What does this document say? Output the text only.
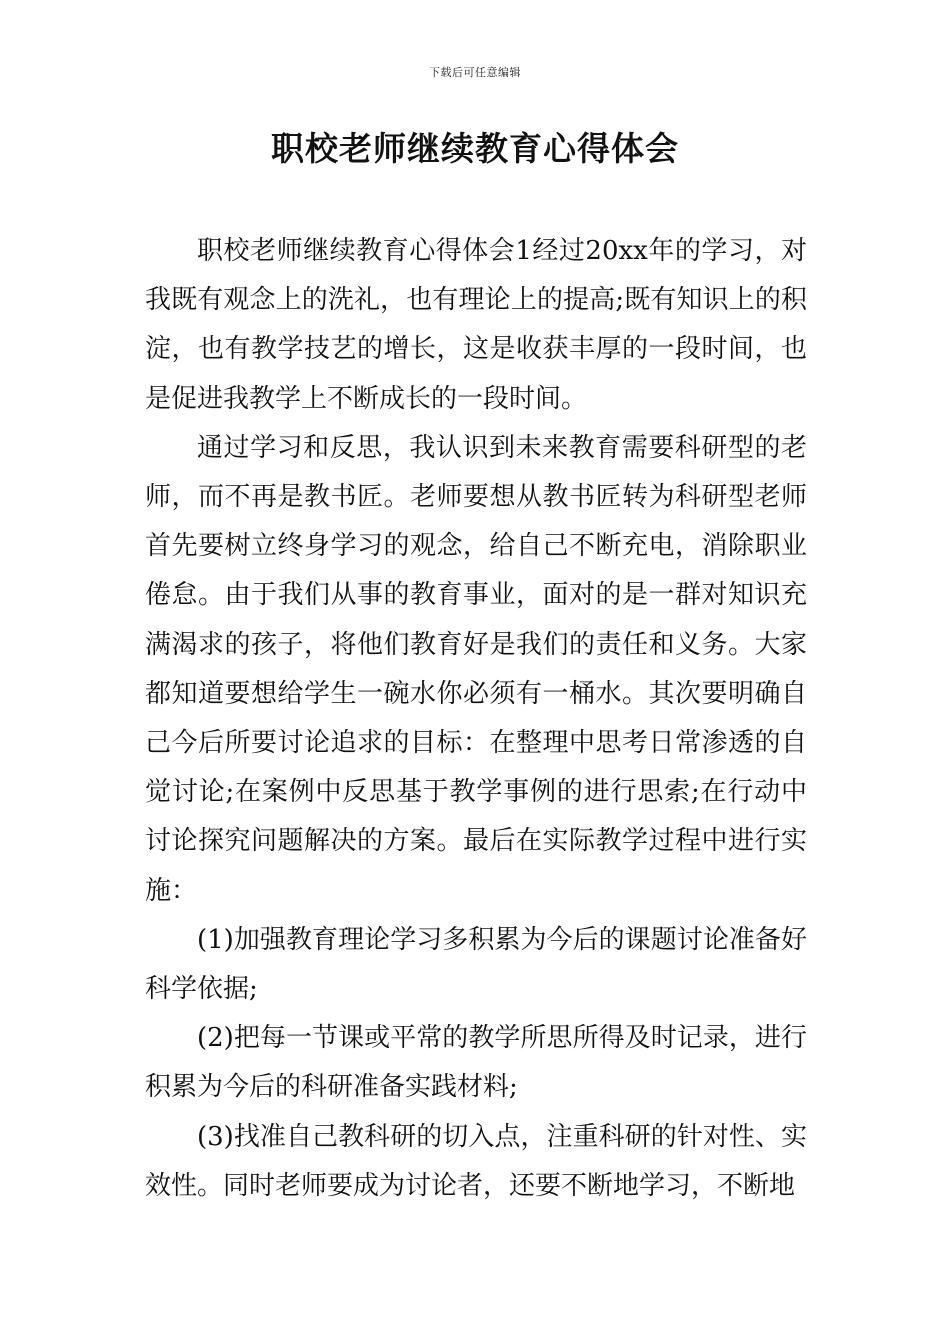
下载后可任意编辑
职校老师继续教育心得体会

职校老师继续教育心得体会1经过20xx年的学习，对我既有观念上的洗礼，也有理论上的提高;既有知识上的积淀，也有教学技艺的增长，这是收获丰厚的一段时间，也是促进我教学上不断成长的一段时间。

通过学习和反思，我认识到未来教育需要科研型的老师，而不再是教书匠。老师要想从教书匠转为科研型老师首先要树立终身学习的观念，给自己不断充电，消除职业倦怠。由于我们从事的教育事业，面对的是一群对知识充满渴求的孩子，将他们教育好是我们的责任和义务。大家都知道要想给学生一碗水你必须有一桶水。其次要明确自己今后所要讨论追求的目标：在整理中思考日常渗透的自觉讨论;在案例中反思基于教学事例的进行思索;在行动中讨论探究问题解决的方案。最后在实际教学过程中进行实施：

(1)加强教育理论学习多积累为今后的课题讨论准备好科学依据;

(2)把每一节课或平常的教学所思所得及时记录，进行积累为今后的科研准备实践材料;

(3)找准自己教科研的切入点，注重科研的针对性、实效性。同时老师要成为讨论者，还要不断地学习，不断地
